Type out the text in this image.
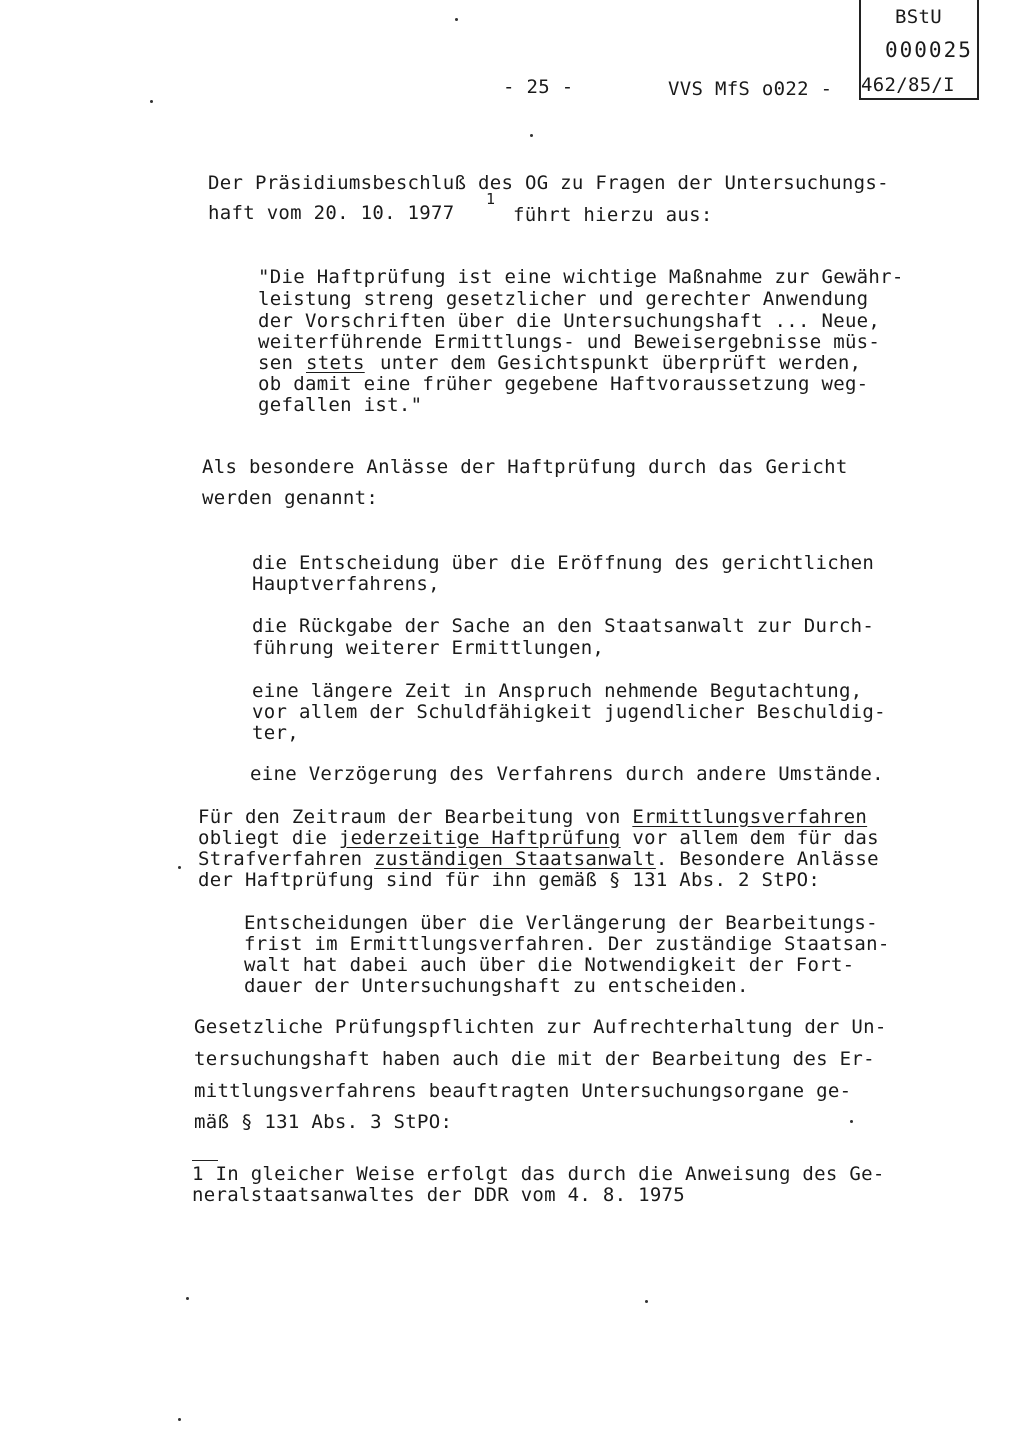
BStU
000025
462/85/I
- 25 -	VVS MfS o022 -
Der Präsidiumsbeschluß des OG zu Fragen der Untersuchungs-
haft vom 20. 10. 1977
1
führt hierzu aus:
"Die Haftprüfung ist eine wichtige Maßnahme zur Gewähr-
leistung streng gesetzlicher und gerechter Anwendung
der Vorschriften über die Untersuchungshaft ... Neue,
weiterführende Ermittlungs- und Beweisergebnisse müs-
sen stets unter dem Gesichtspunkt überprüft werden,
ob damit eine früher gegebene Haftvoraussetzung weg-
gefallen ist."
Als besondere Anlässe der Haftprüfung durch das Gericht
werden genannt:
die Entscheidung über die Eröffnung des gerichtlichen
Hauptverfahrens,
die Rückgabe der Sache an den Staatsanwalt zur Durch-
führung weiterer Ermittlungen,
eine längere Zeit in Anspruch nehmende Begutachtung,
vor allem der Schuldfähigkeit jugendlicher Beschuldig-
ter,
eine Verzögerung des Verfahrens durch andere Umstände.
Für den Zeitraum der Bearbeitung von Ermittlungsverfahren
obliegt die jederzeitige Haftprüfung vor allem dem für das
Strafverfahren zuständigen Staatsanwalt. Besondere Anlässe
der Haftprüfung sind für ihn gemäß § 131 Abs. 2 StPO:
Entscheidungen über die Verlängerung der Bearbeitungs-
frist im Ermittlungsverfahren. Der zuständige Staatsan-
walt hat dabei auch über die Notwendigkeit der Fort-
dauer der Untersuchungshaft zu entscheiden.
Gesetzliche Prüfungspflichten zur Aufrechterhaltung der Un-
tersuchungshaft haben auch die mit der Bearbeitung des Er-
mittlungsverfahrens beauftragten Untersuchungsorgane ge-
mäß § 131 Abs. 3 StPO:
1 In gleicher Weise erfolgt das durch die Anweisung des Ge-
neralstaatsanwaltes der DDR vom 4. 8. 1975
